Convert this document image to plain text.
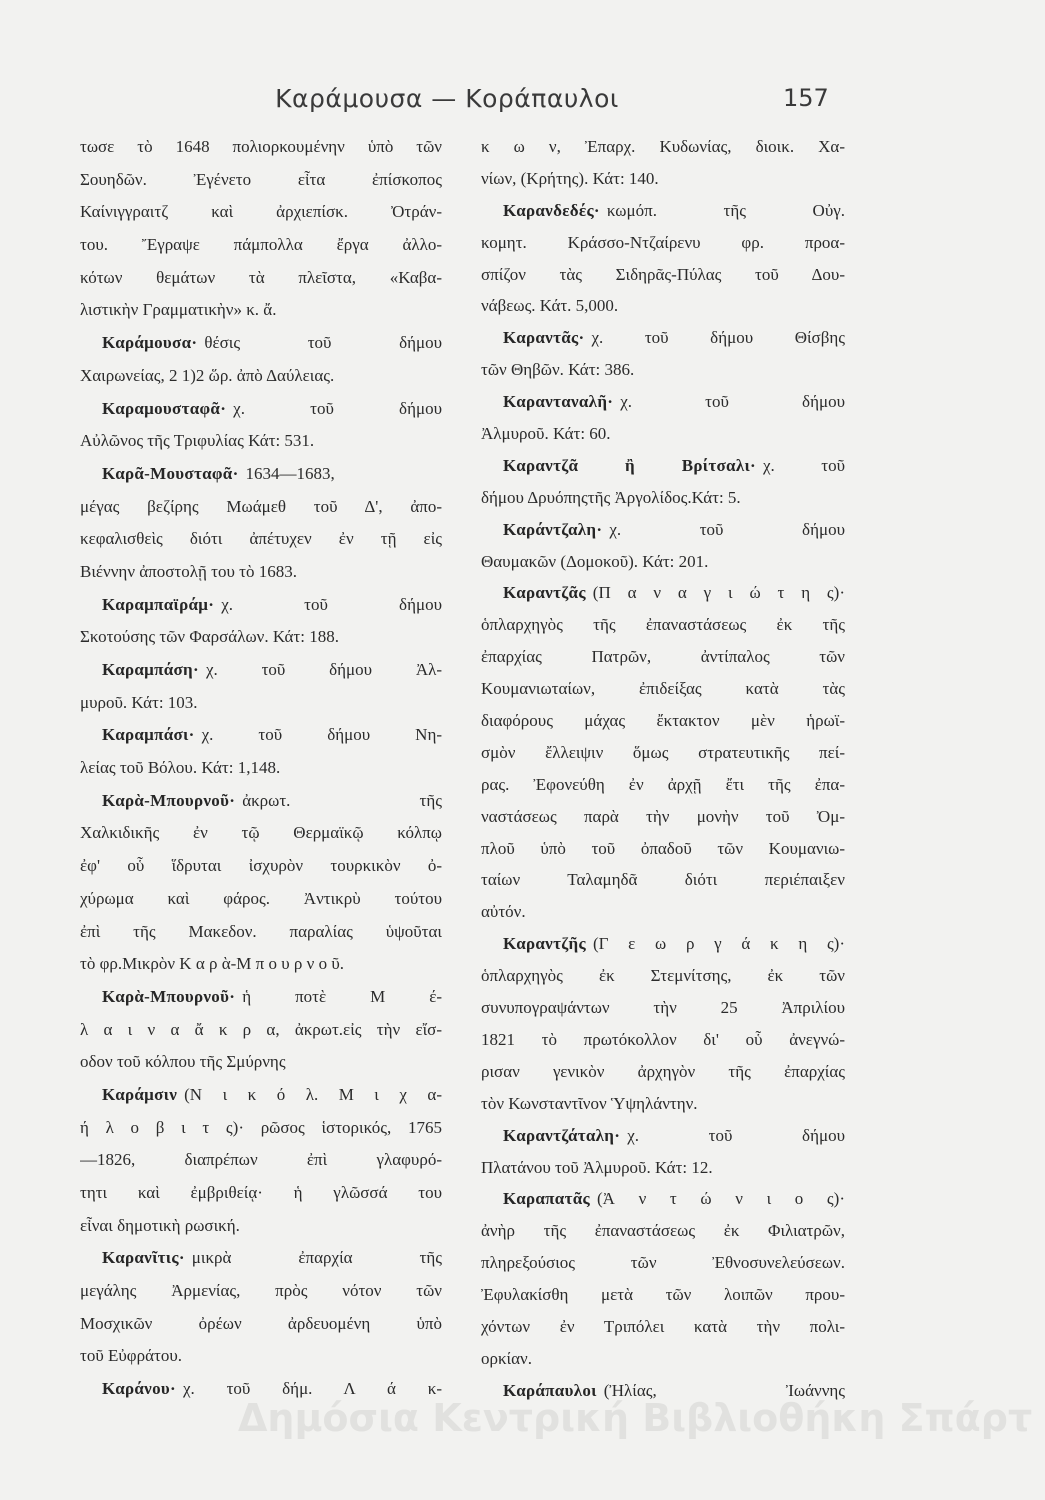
Καράμουσα — Κοράπαυλοι	157
τωσε τὸ 1648 πολιορκουμένην ὑπὸ τῶν
Σουηδῶν. Ἐγένετο εἶτα ἐπίσκοπος
Καίνιγγραιτζ καὶ ἀρχιεπίσκ. Ὀτράν-
του. Ἔγραψε πάμπολλα ἔργα ἀλλο-
κότων θεμάτων τὰ πλεῖστα, «Καβα-
λιστικὴν Γραμματικὴν» κ. ἄ.
Καράμουσα· θέσις τοῦ δήμου
Χαιρωνείας, 2 1)2 ὥρ. ἀπὸ Δαύλειας.
Καραμουσταφᾶ· χ. τοῦ δήμου
Αὐλῶνος τῆς Τριφυλίας Κάτ: 531.
Καρᾶ-Μουσταφᾶ· 1634—1683,
μέγας βεζίρης Μωάμεθ τοῦ Δ', ἀπο-
κεφαλισθεὶς διότι ἀπέτυχεν ἐν τῇ εἰς
Βιέννην ἀποστολῇ του τὸ 1683.
Καραμπαϊράμ· χ. τοῦ δήμου
Σκοτούσης τῶν Φαρσάλων. Κάτ: 188.
Καραμπάση· χ. τοῦ δήμου Ἀλ-
μυροῦ. Κάτ: 103.
Καραμπάσι· χ. τοῦ δήμου Νη-
λείας τοῦ Βόλου. Κάτ: 1,148.
Καρὰ-Μπουρνοῦ· ἀκρωτ. τῆς
Χαλκιδικῆς ἐν τῷ Θερμαϊκῷ κόλπῳ
ἐφ' οὗ ἵδρυται ἰσχυρὸν τουρκικὸν ὀ-
χύρωμα καὶ φάρος. Ἀντικρὺ τούτου
ἐπὶ τῆς Μακεδον. παραλίας ὑψοῦται
τὸ φρ.Μικρὸν Κ α ρ ὰ-Μ π ο υ ρ ν ο ῦ.
Καρὰ-Μπουρνοῦ· ἡ ποτὲ Μ έ-
λ α ι ν α ἄ κ ρ α, ἀκρωτ.εἰς τὴν εἴσ-
οδον τοῦ κόλπου τῆς Σμύρνης
Καράμσιν (Ν ι κ ό λ. Μ ι χ α-
ή λ ο β ι τ ς)· ρῶσος ἱστορικός, 1765
—1826, διαπρέπων ἐπὶ γλαφυρό-
τητι καὶ ἐμβριθείᾳ· ἡ γλῶσσά του
εἶναι δημοτικὴ ρωσική.
Καρανῖτις· μικρὰ ἐπαρχία τῆς
μεγάλης Ἀρμενίας, πρὸς νότον τῶν
Μοσχικῶν ὀρέων ἀρδευομένη ὑπὸ
τοῦ Εὐφράτου.
Καράνου· χ. τοῦ δήμ. Λ ά κ-
κ ω ν, Ἐπαρχ. Κυδωνίας, διοικ. Χα-
νίων, (Κρήτης). Κάτ: 140.
Καρανδεδές· κωμόπ. τῆς Οὐγ.
κομητ. Κράσσο-Ντζαίρενυ φρ. προα-
σπίζον τὰς Σιδηρᾶς-Πύλας τοῦ Δου-
νάβεως. Κάτ. 5,000.
Καραντᾶς· χ. τοῦ δήμου Θίσβης
τῶν Θηβῶν. Κάτ: 386.
Καρανταναλῆ· χ. τοῦ δήμου
Ἀλμυροῦ. Κάτ: 60.
Καραντζᾶ ἢ Βρίτσαλι· χ. τοῦ
δήμου Δρυόπηςτῆς Ἀργολίδος.Κάτ: 5.
Καράντζαλη· χ. τοῦ δήμου
Θαυμακῶν (Δομοκοῦ). Κάτ: 201.
Καραντζᾶς (Π α ν α γ ι ώ τ η ς)·
ὁπλαρχηγὸς τῆς ἐπαναστάσεως ἐκ τῆς
ἐπαρχίας Πατρῶν, ἀντίπαλος τῶν
Κουμανιωταίων, ἐπιδείξας κατὰ τὰς
διαφόρους μάχας ἔκτακτον μὲν ἡρωϊ-
σμὸν ἔλλειψιν ὅμως στρατευτικῆς πεί-
ρας. Ἐφονεύθη ἐν ἀρχῇ ἔτι τῆς ἐπα-
ναστάσεως παρὰ τὴν μονὴν τοῦ Ὀμ-
πλοῦ ὑπὸ τοῦ ὀπαδοῦ τῶν Κουμανιω-
ταίων Ταλαμηδᾶ διότι περιέπαιξεν
αὐτόν.
Καραντζῆς (Γ ε ω ρ γ ά κ η ς)·
ὁπλαρχηγὸς ἐκ Στεμνίτσης, ἐκ τῶν
συνυπογραψάντων τὴν 25 Ἀπριλίου
1821 τὸ πρωτόκολλον δι' οὗ ἀνεγνώ-
ρισαν γενικὸν ἀρχηγὸν τῆς ἐπαρχίας
τὸν Κωνσταντῖνον Ὑψηλάντην.
Καραντζάταλη· χ. τοῦ δήμου
Πλατάνου τοῦ Ἀλμυροῦ. Κάτ: 12.
Καραπατᾶς (Ἀ ν τ ώ ν ι ο ς)·
ἀνὴρ τῆς ἐπαναστάσεως ἐκ Φιλιατρῶν,
πληρεξούσιος τῶν Ἐθνοσυνελεύσεων.
Ἐφυλακίσθη μετὰ τῶν λοιπῶν πρου-
χόντων ἐν Τριπόλει κατὰ τὴν πολι-
ορκίαν.
Καράπαυλοι (Ἠλίας, Ἰωάννης
Δημόσια Κεντρική Βιβλιοθήκη Σπάρτ
